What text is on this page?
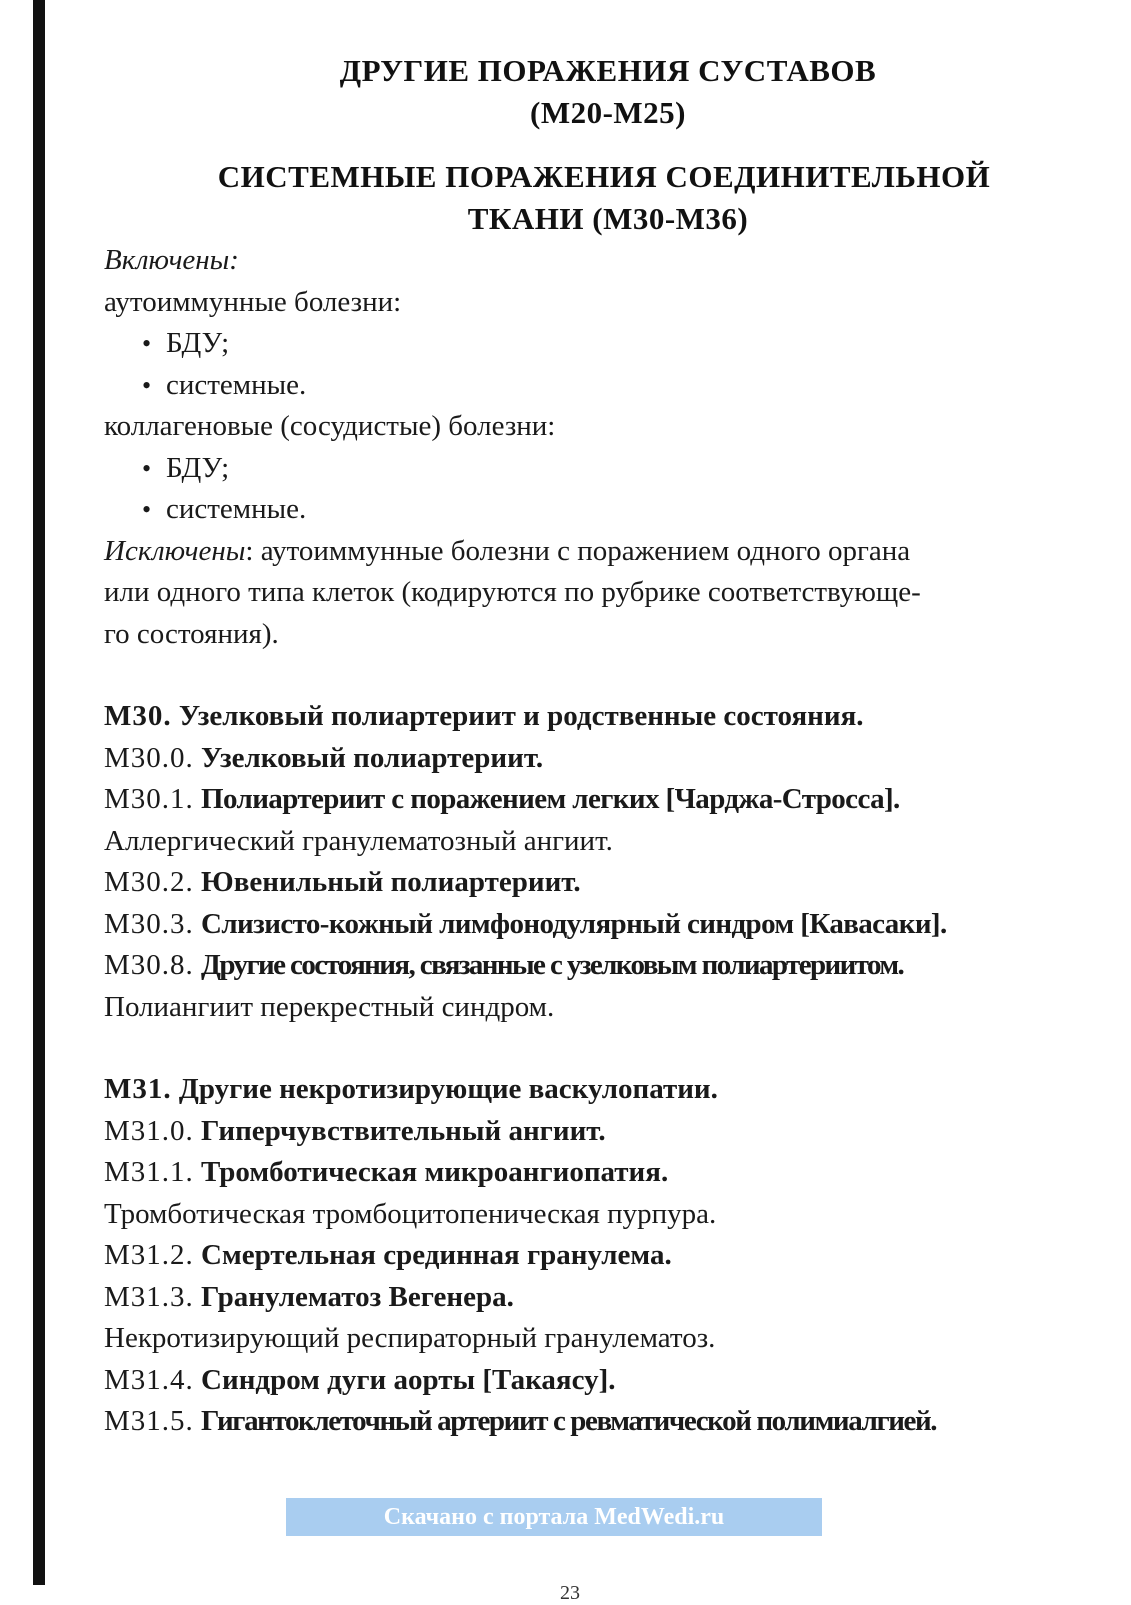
ДРУГИЕ ПОРАЖЕНИЯ СУСТАВОВ

(М20-М25)

СИСТЕМНЫЕ ПОРАЖЕНИЯ СОЕДИНИТЕЛЬНОЙ

ТКАНИ (М30-М36)

Включены:

аутоиммунные болезни:

• БДУ;

• системные.

коллагеновые (сосудистые) болезни:

• БДУ;

• системные.

Исключены: аутоиммунные болезни с поражением одного органа

или одного типа клеток (кодируются по рубрике соответствующе-

го состояния).

М30. Узелковый полиартериит и родственные состояния.

М30.0. Узелковый полиартериит.

М30.1. Полиартериит с поражением легких [Чарджа-Стросса].

Аллергический гранулематозный ангиит.

М30.2. Ювенильный полиартериит.

М30.3. Слизисто-кожный лимфонодулярный синдром [Кавасаки].

М30.8. Другие состояния, связанные с узелковым полиартериитом.

Полиангиит перекрестный синдром.

М31. Другие некротизирующие васкулопатии.

М31.0. Гиперчувствительный ангиит.

М31.1. Тромботическая микроангиопатия.

Тромботическая тромбоцитопеническая пурпура.

М31.2. Смертельная срединная гранулема.

М31.3. Гранулематоз Вегенера.

Некротизирующий респираторный гранулематоз.

М31.4. Синдром дуги аорты [Такаясу].

М31.5. Гигантоклеточный артериит с ревматической полимиалгией.

Скачано с портала MedWedi.ru
23
